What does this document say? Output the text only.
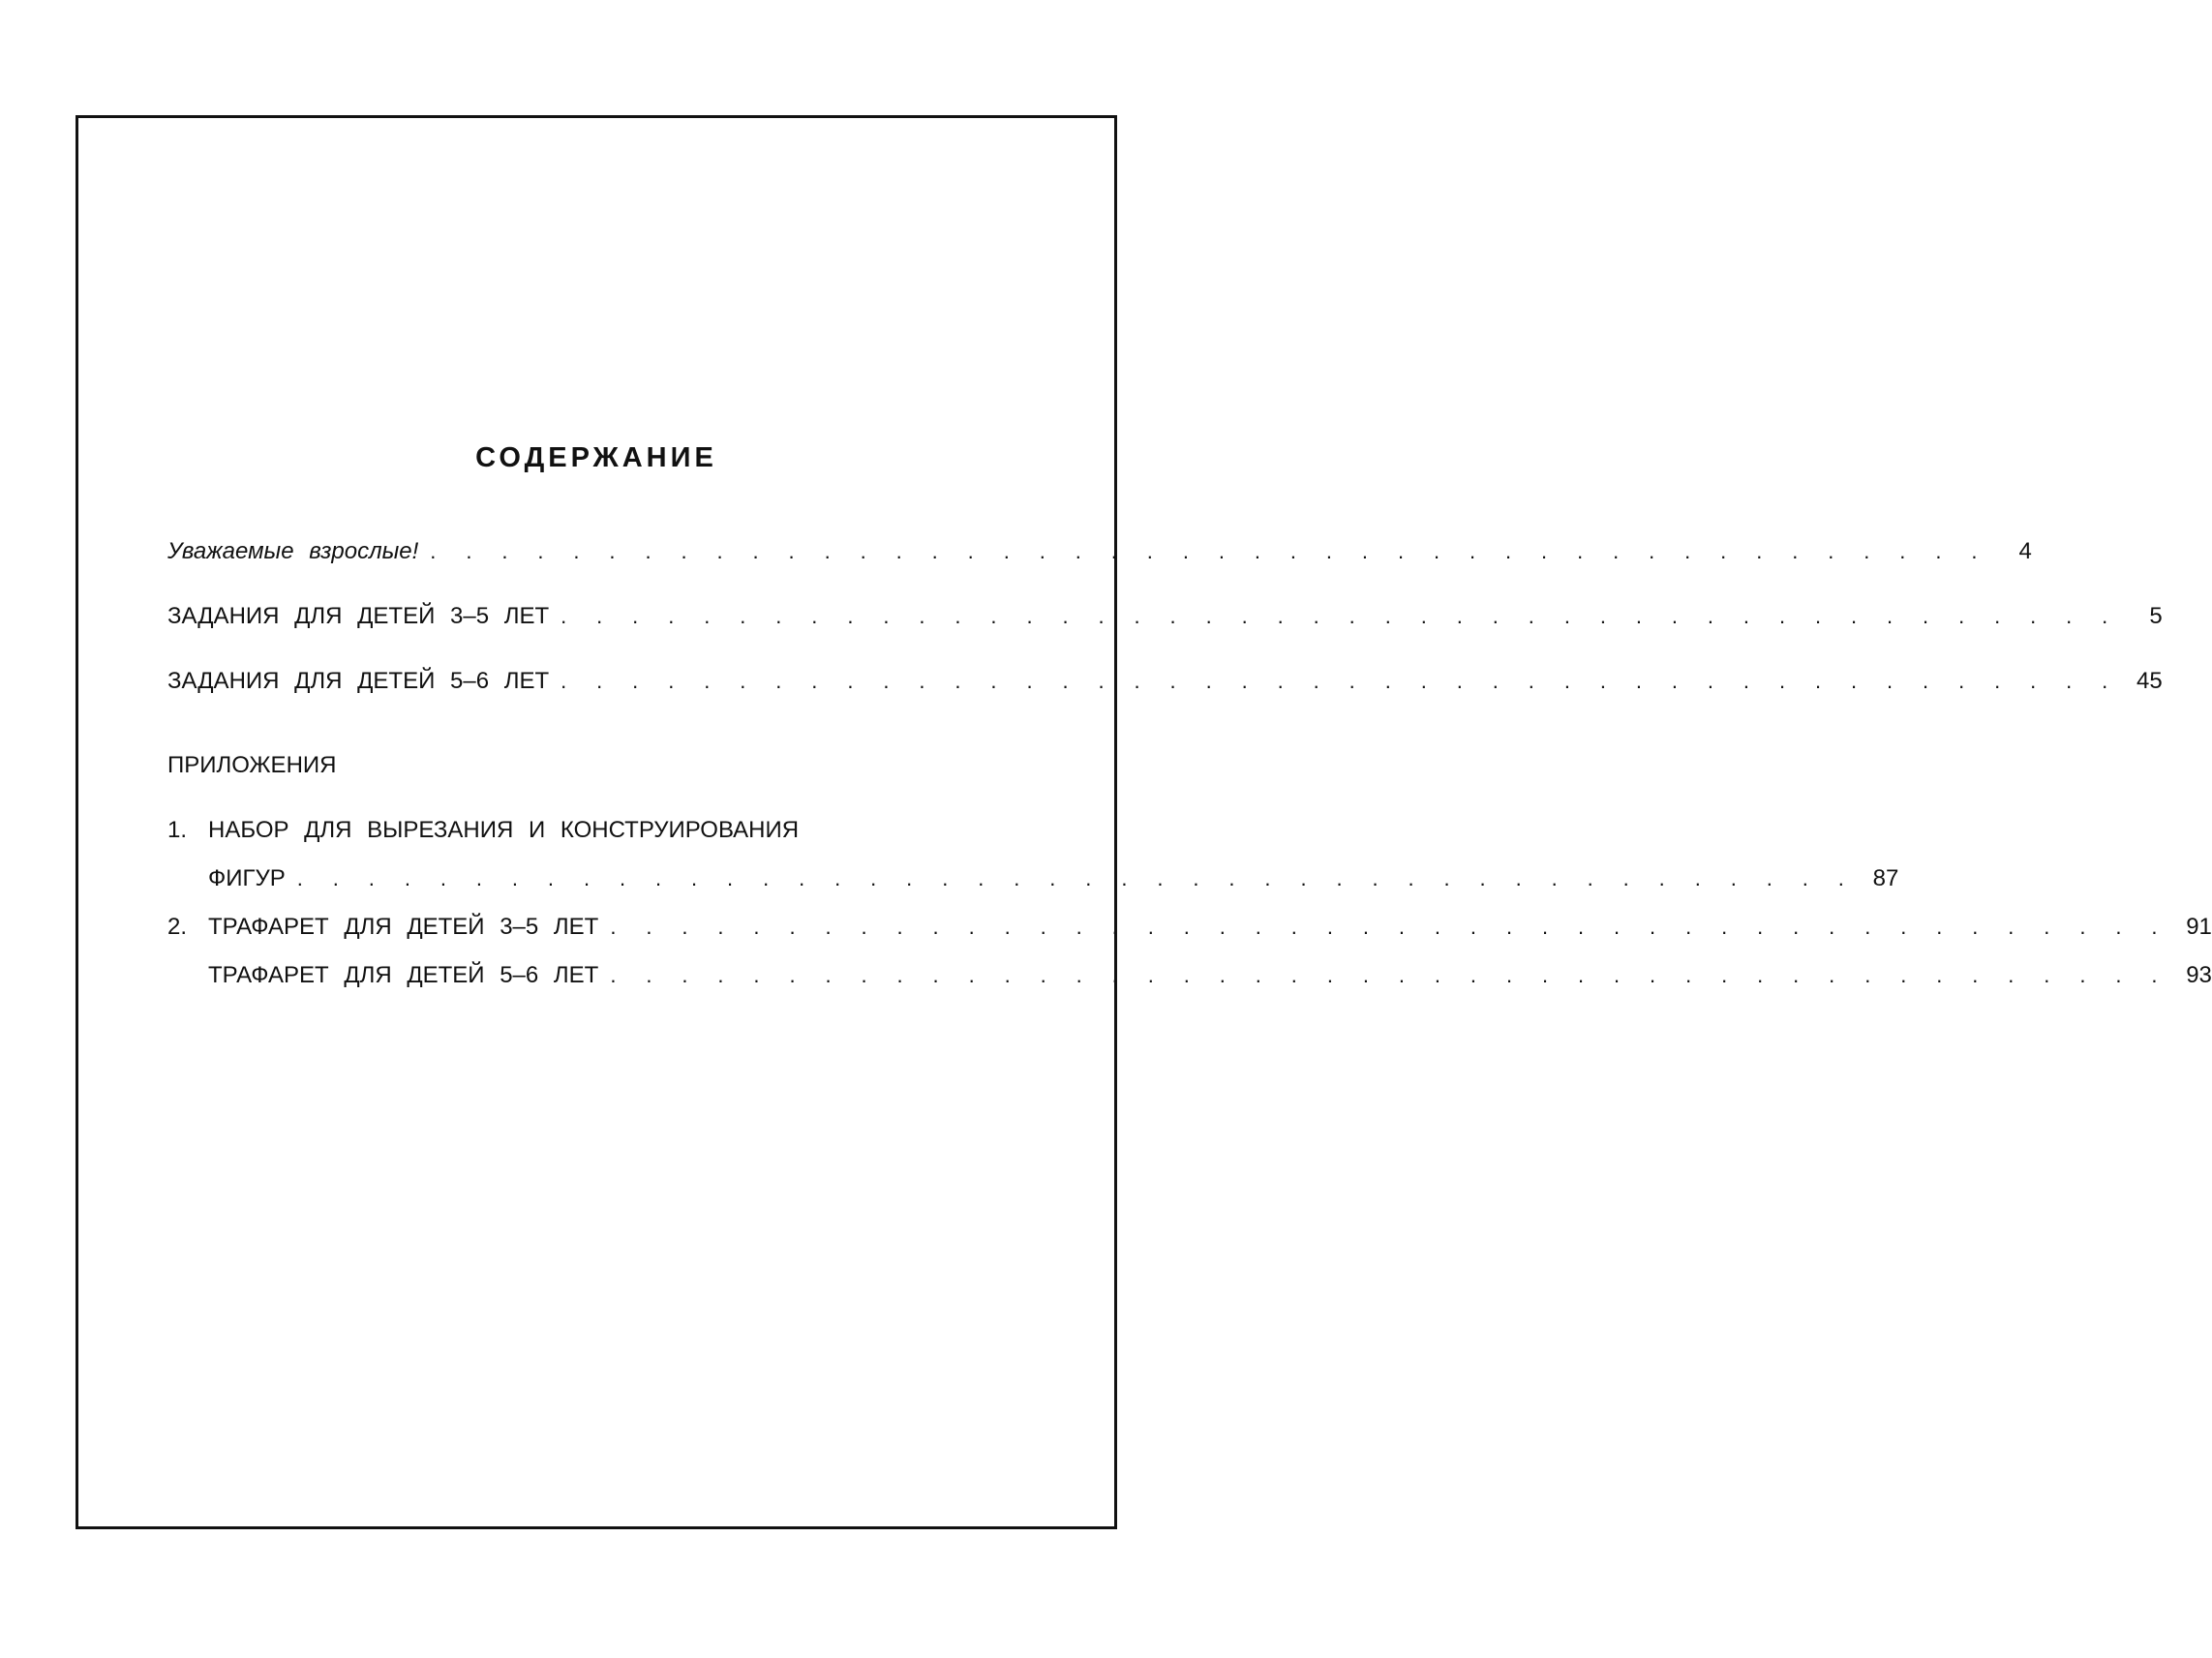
СОДЕРЖАНИЕ
Уважаемые взрослые! . . . . . . . . . . . . . . . . . . . . . . . . . . . . . . . . . . . . . . . . . . . .	4
ЗАДАНИЯ ДЛЯ ДЕТЕЙ 3–5 ЛЕТ . . . . . . . . . . . . . . . . . . . . . . . . . . . . . . . . . . . . . . . . . . . .	5
ЗАДАНИЯ ДЛЯ ДЕТЕЙ 5–6 ЛЕТ . . . . . . . . . . . . . . . . . . . . . . . . . . . . . . . . . . . . . . . . . . . . 45
ПРИЛОЖЕНИЯ
1. НАБОР ДЛЯ ВЫРЕЗАНИЯ И КОНСТРУИРОВАНИЯ
ФИГУР . . . . . . . . . . . . . . . . . . . . . . . . . . . . . . . . . . . . . . . . . . . . 87
2. ТРАФАРЕТ ДЛЯ ДЕТЕЙ 3–5 ЛЕТ . . . . . . . . . . . . . . . . . . . . . . . . . . . . . . . . . . . . . . . . . . . . 91
ТРАФАРЕТ ДЛЯ ДЕТЕЙ 5–6 ЛЕТ . . . . . . . . . . . . . . . . . . . . . . . . . . . . . . . . . . . . . . . . . . . . 93
